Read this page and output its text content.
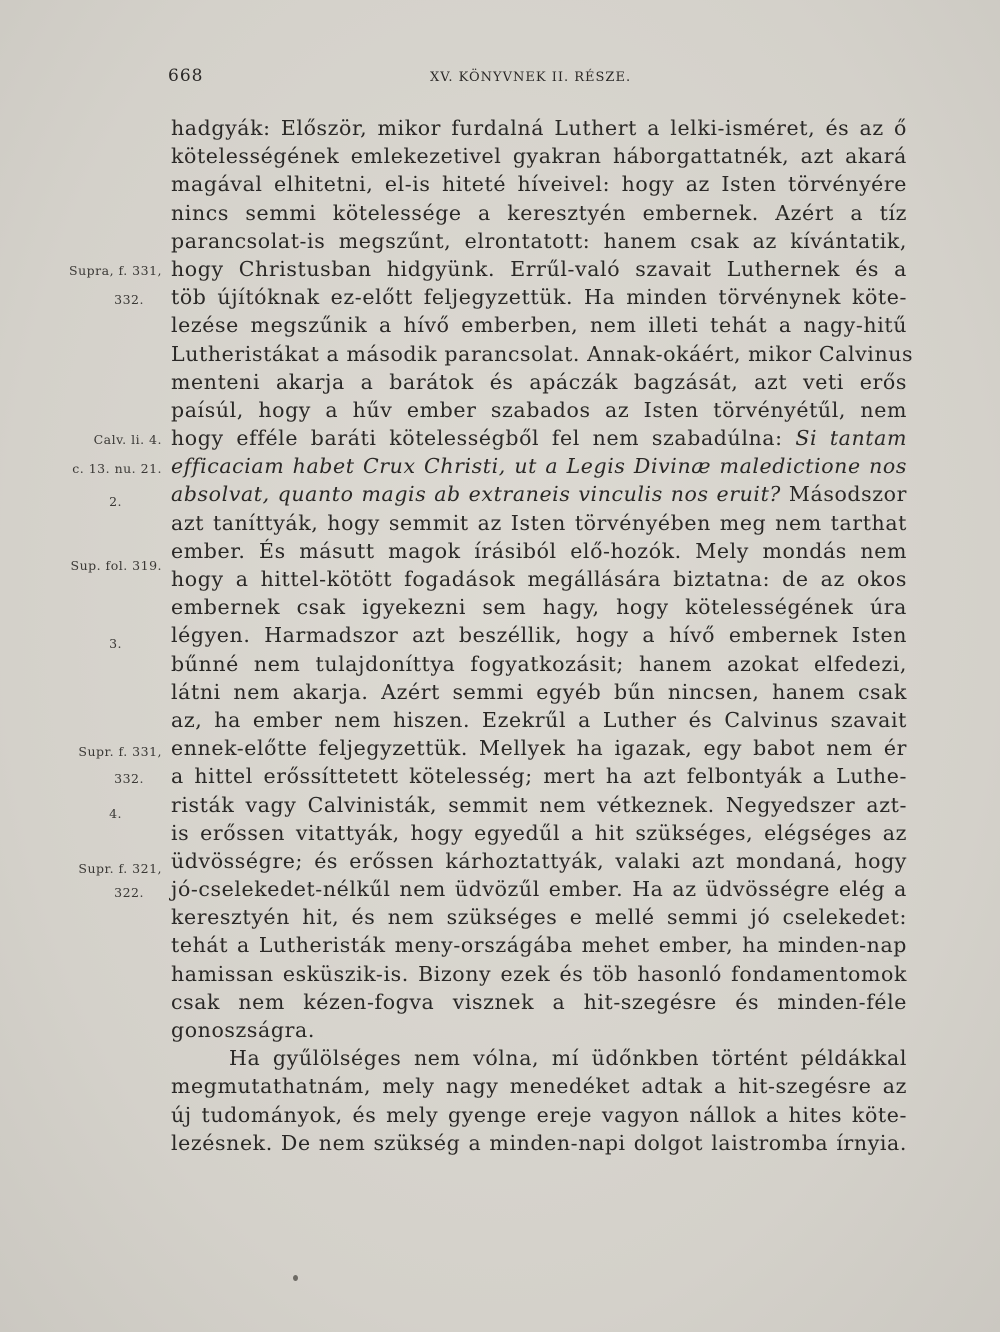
668	XV. KÖNYVNEK II. RÉSZE.
Supra, f. 331,
332.
Calv. li. 4.
c. 13. nu. 21.
2.
Sup. fol. 319.
3.
Supr. f. 331,
332.
4.
Supr. f. 321,
322.
hadgyák: Először, mikor furdalná Luthert a lelki-isméret, és az ő
kötelességének emlekezetivel gyakran háborgattatnék, azt akará
magával elhitetni, el-is hiteté híveivel: hogy az Isten törvényére
nincs semmi kötelessége a keresztyén embernek. Azért a tíz
parancsolat-is megszűnt, elrontatott: hanem csak az kívántatik,
hogy Christusban hidgyünk. Errűl-való szavait Luthernek és a
töb újítóknak ez-előtt feljegyzettük. Ha minden törvénynek köte-
lezése megszűnik a hívő emberben, nem illeti tehát a nagy-hitű
Lutheristákat a második parancsolat. Annak-okáért, mikor Calvinus
menteni akarja a barátok és apáczák bagzását, azt veti erős
paísúl, hogy a hűv ember szabados az Isten törvényétűl, nem
hogy efféle baráti kötelességből fel nem szabadúlna: Si tantam
efficaciam habet Crux Christi, ut a Legis Divinæ maledictione nos
absolvat, quanto magis ab extraneis vinculis nos eruit? Másodszor
azt taníttyák, hogy semmit az Isten törvényében meg nem tarthat
ember. És másutt magok írásiból elő-hozók. Mely mondás nem
hogy a hittel-kötött fogadások megállására biztatna: de az okos
embernek csak igyekezni sem hagy, hogy kötelességének úra
légyen. Harmadszor azt beszéllik, hogy a hívő embernek Isten
bűnné nem tulajdoníttya fogyatkozásit; hanem azokat elfedezi,
látni nem akarja. Azért semmi egyéb bűn nincsen, hanem csak
az, ha ember nem hiszen. Ezekrűl a Luther és Calvinus szavait
ennek-előtte feljegyzettük. Mellyek ha igazak, egy babot nem ér
a hittel erőssíttetett kötelesség; mert ha azt felbontyák a Luthe-
risták vagy Calvinisták, semmit nem vétkeznek. Negyedszer azt-
is erőssen vitattyák, hogy egyedűl a hit szükséges, elégséges az
üdvösségre; és erőssen kárhoztattyák, valaki azt mondaná, hogy
jó-cselekedet-nélkűl nem üdvözűl ember. Ha az üdvösségre elég a
keresztyén hit, és nem szükséges e mellé semmi jó cselekedet:
tehát a Lutheristák meny-országába mehet ember, ha minden-nap
hamissan esküszik-is. Bizony ezek és töb hasonló fondamentomok
csak nem kézen-fogva visznek a hit-szegésre és minden-féle
gonoszságra.
Ha gyűlölséges nem vólna, mí üdőnkben történt példákkal
megmutathatnám, mely nagy menedéket adtak a hit-szegésre az
új tudományok, és mely gyenge ereje vagyon nállok a hites köte-
lezésnek. De nem szükség a minden-napi dolgot laistromba írnyia.
